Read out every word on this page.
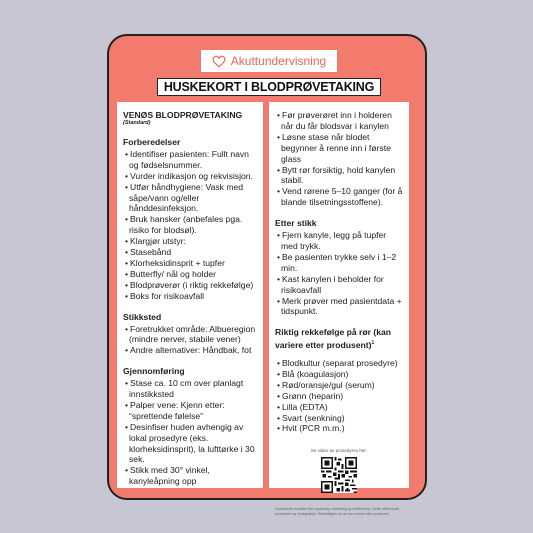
Akuttundervisning
HUSKEKORT I BLODPRØVETAKING
VENØS BLODPRØVETAKING
(Standard)
Forberedelser
• Identifiser pasienten: Fullt navn og fødselsnummer.
• Vurder indikasjon og rekvisisjon.
• Utfør håndhygiene: Vask med såpe/vann og/eller hånddesinfeksjon.
• Bruk hansker (anbefales pga. risiko for blodsøl).
• Klargjør utstyr:
• Stasebånd
• Klorheksidinsprit + tupfer
• Butterfly/ nål og holder
• Blodprøverør (i riktig rekkefølge)
• Boks for risikoavfall
Stikksted
• Foretrukket område: Albueregion (mindre nerver, stabile vener)
• Andre alternativer: Håndbak, fot
Gjennomføring
• Stase ca. 10 cm over planlagt innstikksted
• Palper vene: Kjenn etter: “sprettende følelse”
• Desinfiser huden avhengig av lokal prosedyre (eks. klorheksidinsprit), la lufttørke i 30 sek.
• Stikk med 30° vinkel, kanyleåpning opp
• Før prøverøret inn i holderen når du får blodsvar i kanylen
• Løsne stase når blodet begynner å renne inn i første glass
• Bytt rør forsiktig, hold kanylen stabil.
• Vend rørene 5–10 ganger (for å blande tilsetningsstoffene).
Etter stikk
• Fjern kanyle, legg på tupfer med trykk.
• Be pasienten trykke selv i 1–2 min.
• Kast kanylen i beholder for risikoavfall
• Merk prøver med pasientdata + tidspunkt.
Riktig rekkefølge på rør (kan variere etter produsent)$^1$
• Blodkultur (separat prosedyre)
• Blå (koagulasjon)
• Rød/oransje/gul (serum)
• Grønn (heparin)
• Lilla (EDTA)
• Svart (senkning)
• Hvit (PCR m.m.)
Se video av prosedyren her:
Huskekortet erstatter ikke opplæring, veiledning og sertifisering. Vurder alltid lokale prosedyrer og retningslinjer. Rekkefølgen for rør kan variere etter produsent.
